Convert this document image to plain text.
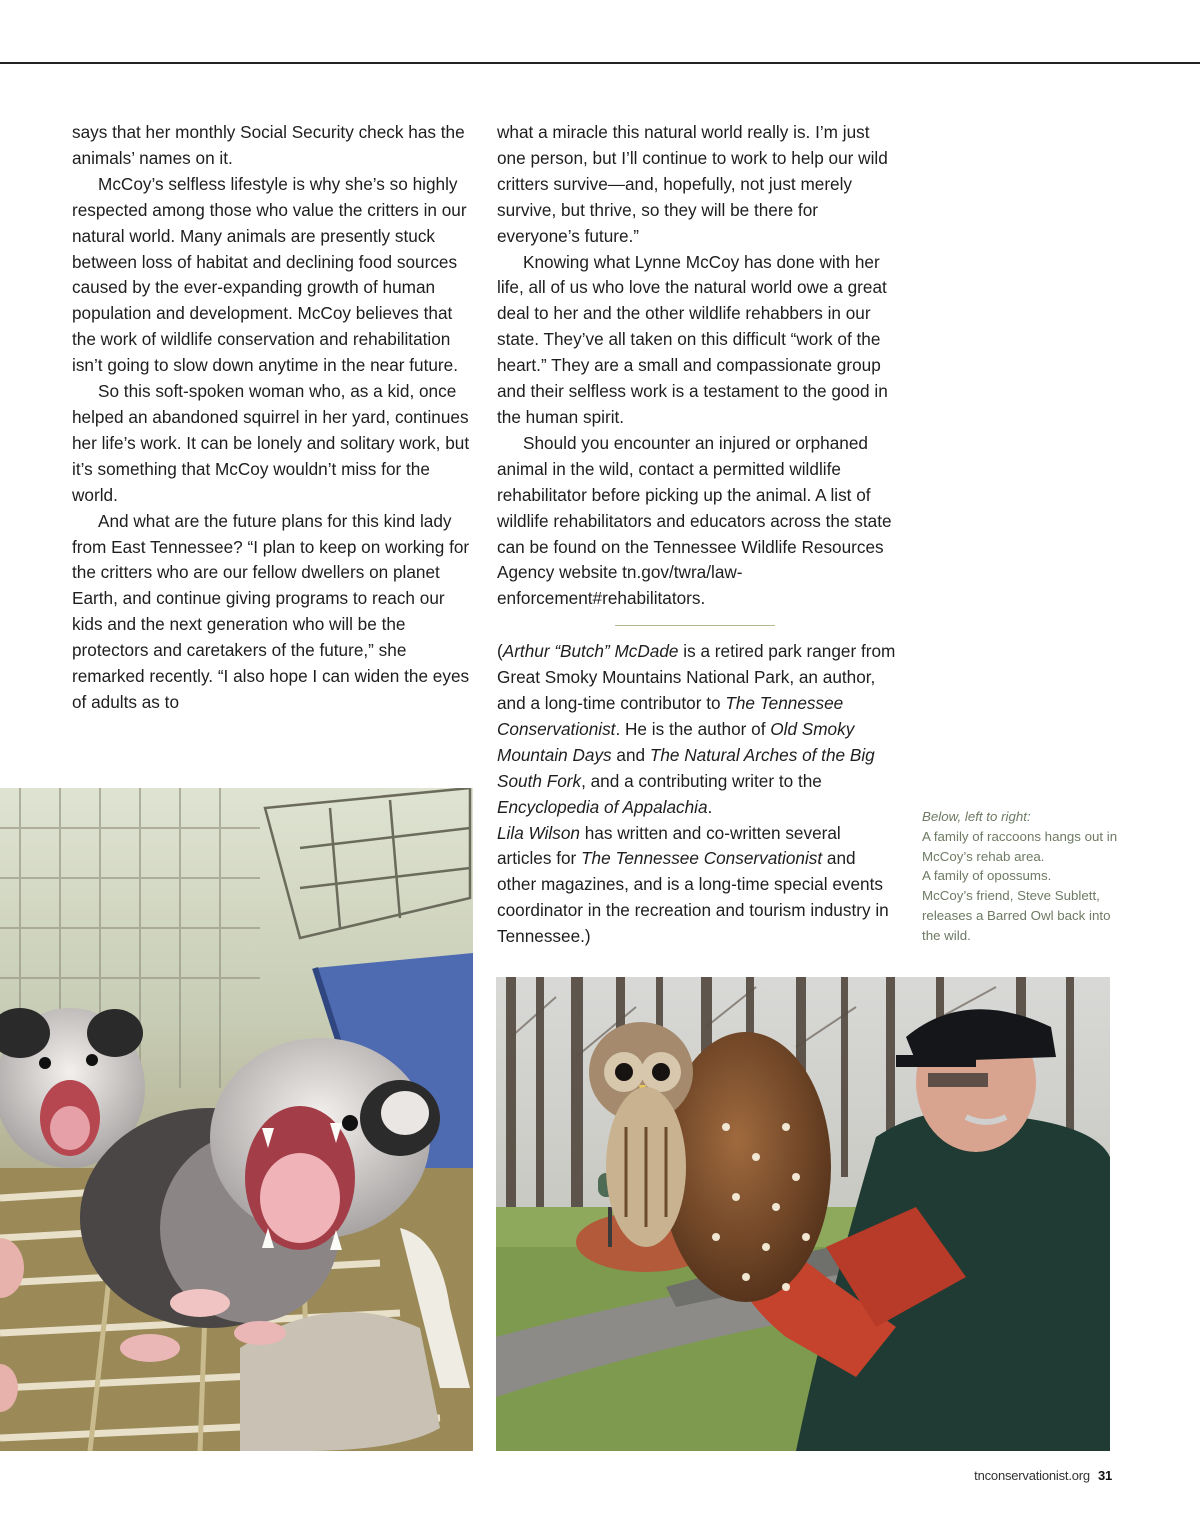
says that her monthly Social Security check has the animals’ names on it.

McCoy’s selfless lifestyle is why she’s so highly respected among those who value the critters in our natural world. Many animals are presently stuck between loss of habitat and declining food sources caused by the ever-expanding growth of human population and development. McCoy believes that the work of wildlife conservation and rehabilitation isn’t going to slow down anytime in the near future.

So this soft-spoken woman who, as a kid, once helped an abandoned squirrel in her yard, continues her life’s work. It can be lonely and solitary work, but it’s something that McCoy wouldn’t miss for the world.

And what are the future plans for this kind lady from East Tennessee? “I plan to keep on working for the critters who are our fellow dwellers on planet Earth, and continue giving programs to reach our kids and the next generation who will be the protectors and caretakers of the future,” she remarked recently. “I also hope I can widen the eyes of adults as to

what a miracle this natural world really is. I’m just one person, but I’ll continue to work to help our wild critters survive—and, hopefully, not just merely survive, but thrive, so they will be there for everyone’s future.”

Knowing what Lynne McCoy has done with her life, all of us who love the natural world owe a great deal to her and the other wildlife rehabbers in our state. They’ve all taken on this difficult “work of the heart.” They are a small and compassionate group and their selfless work is a testament to the good in the human spirit.

Should you encounter an injured or orphaned animal in the wild, contact a permitted wildlife rehabilitator before picking up the animal. A list of wildlife rehabilitators and educators across the state can be found on the Tennessee Wildlife Resources Agency website tn.gov/twra/law-enforcement#rehabilitators.

(Arthur “Butch” McDade is a retired park ranger from Great Smoky Mountains National Park, an author, and a long-time contributor to The Tennessee Conservationist. He is the author of Old Smoky Mountain Days and The Natural Arches of the Big South Fork, and a contributing writer to the Encyclopedia of Appalachia.

Lila Wilson has written and co-written several articles for The Tennessee Conservationist and other magazines, and is a long-time special events coordinator in the recreation and tourism industry in Tennessee.)

Below, left to right:
A family of raccoons hangs out in McCoy’s rehab area.
A family of opossums.
McCoy’s friend, Steve Sublett, releases a Barred Owl back into the wild.
tnconservationist.org 31
